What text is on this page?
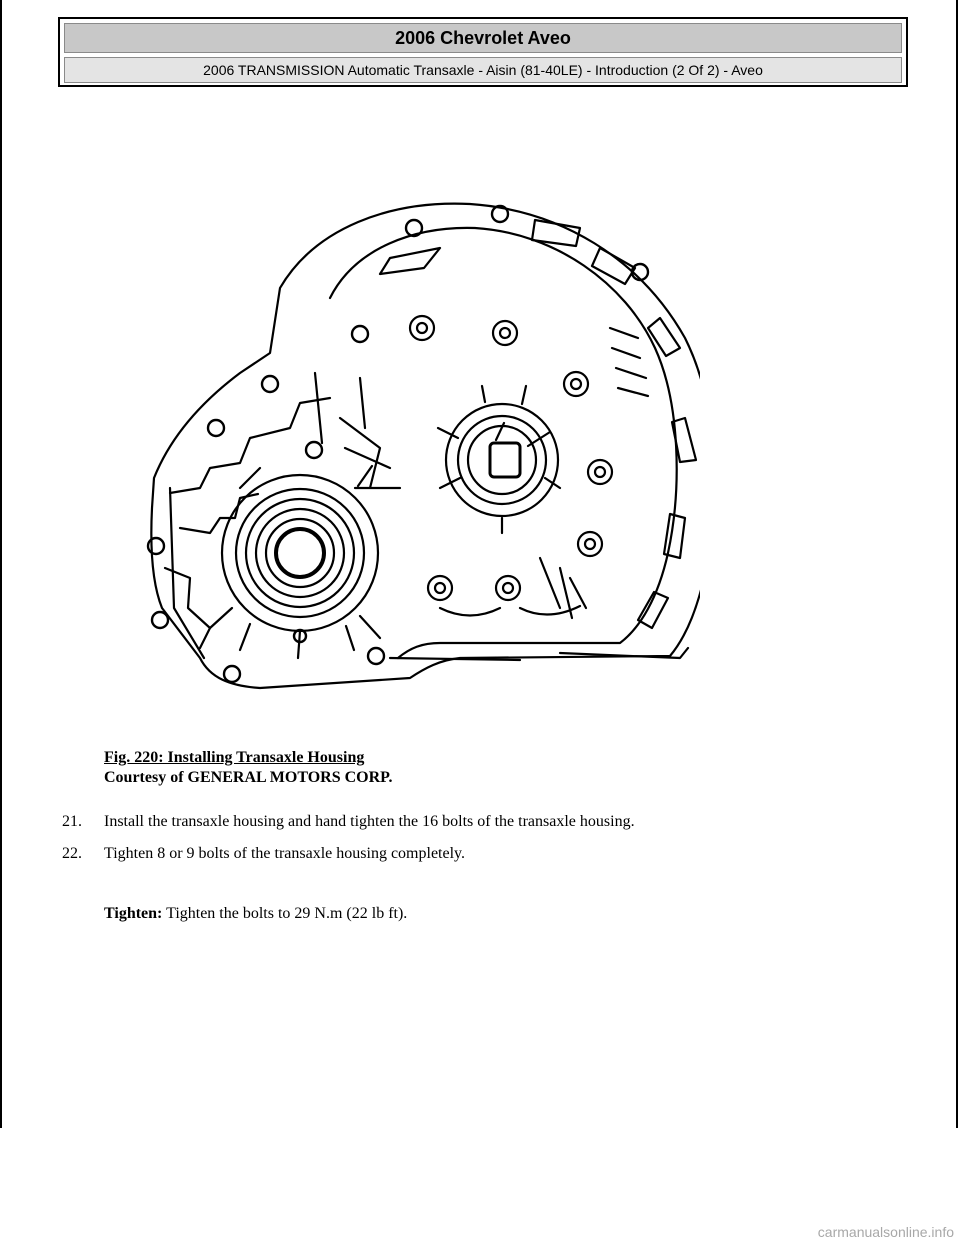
2006 Chevrolet Aveo
2006 TRANSMISSION Automatic Transaxle - Aisin (81-40LE) - Introduction (2 Of 2) - Aveo
Fig. 220: Installing Transaxle Housing
Courtesy of GENERAL MOTORS CORP.
21. Install the transaxle housing and hand tighten the 16 bolts of the transaxle housing.
22. Tighten 8 or 9 bolts of the transaxle housing completely.
Tighten: Tighten the bolts to 29 N.m (22 lb ft).
carmanualsonline.info
